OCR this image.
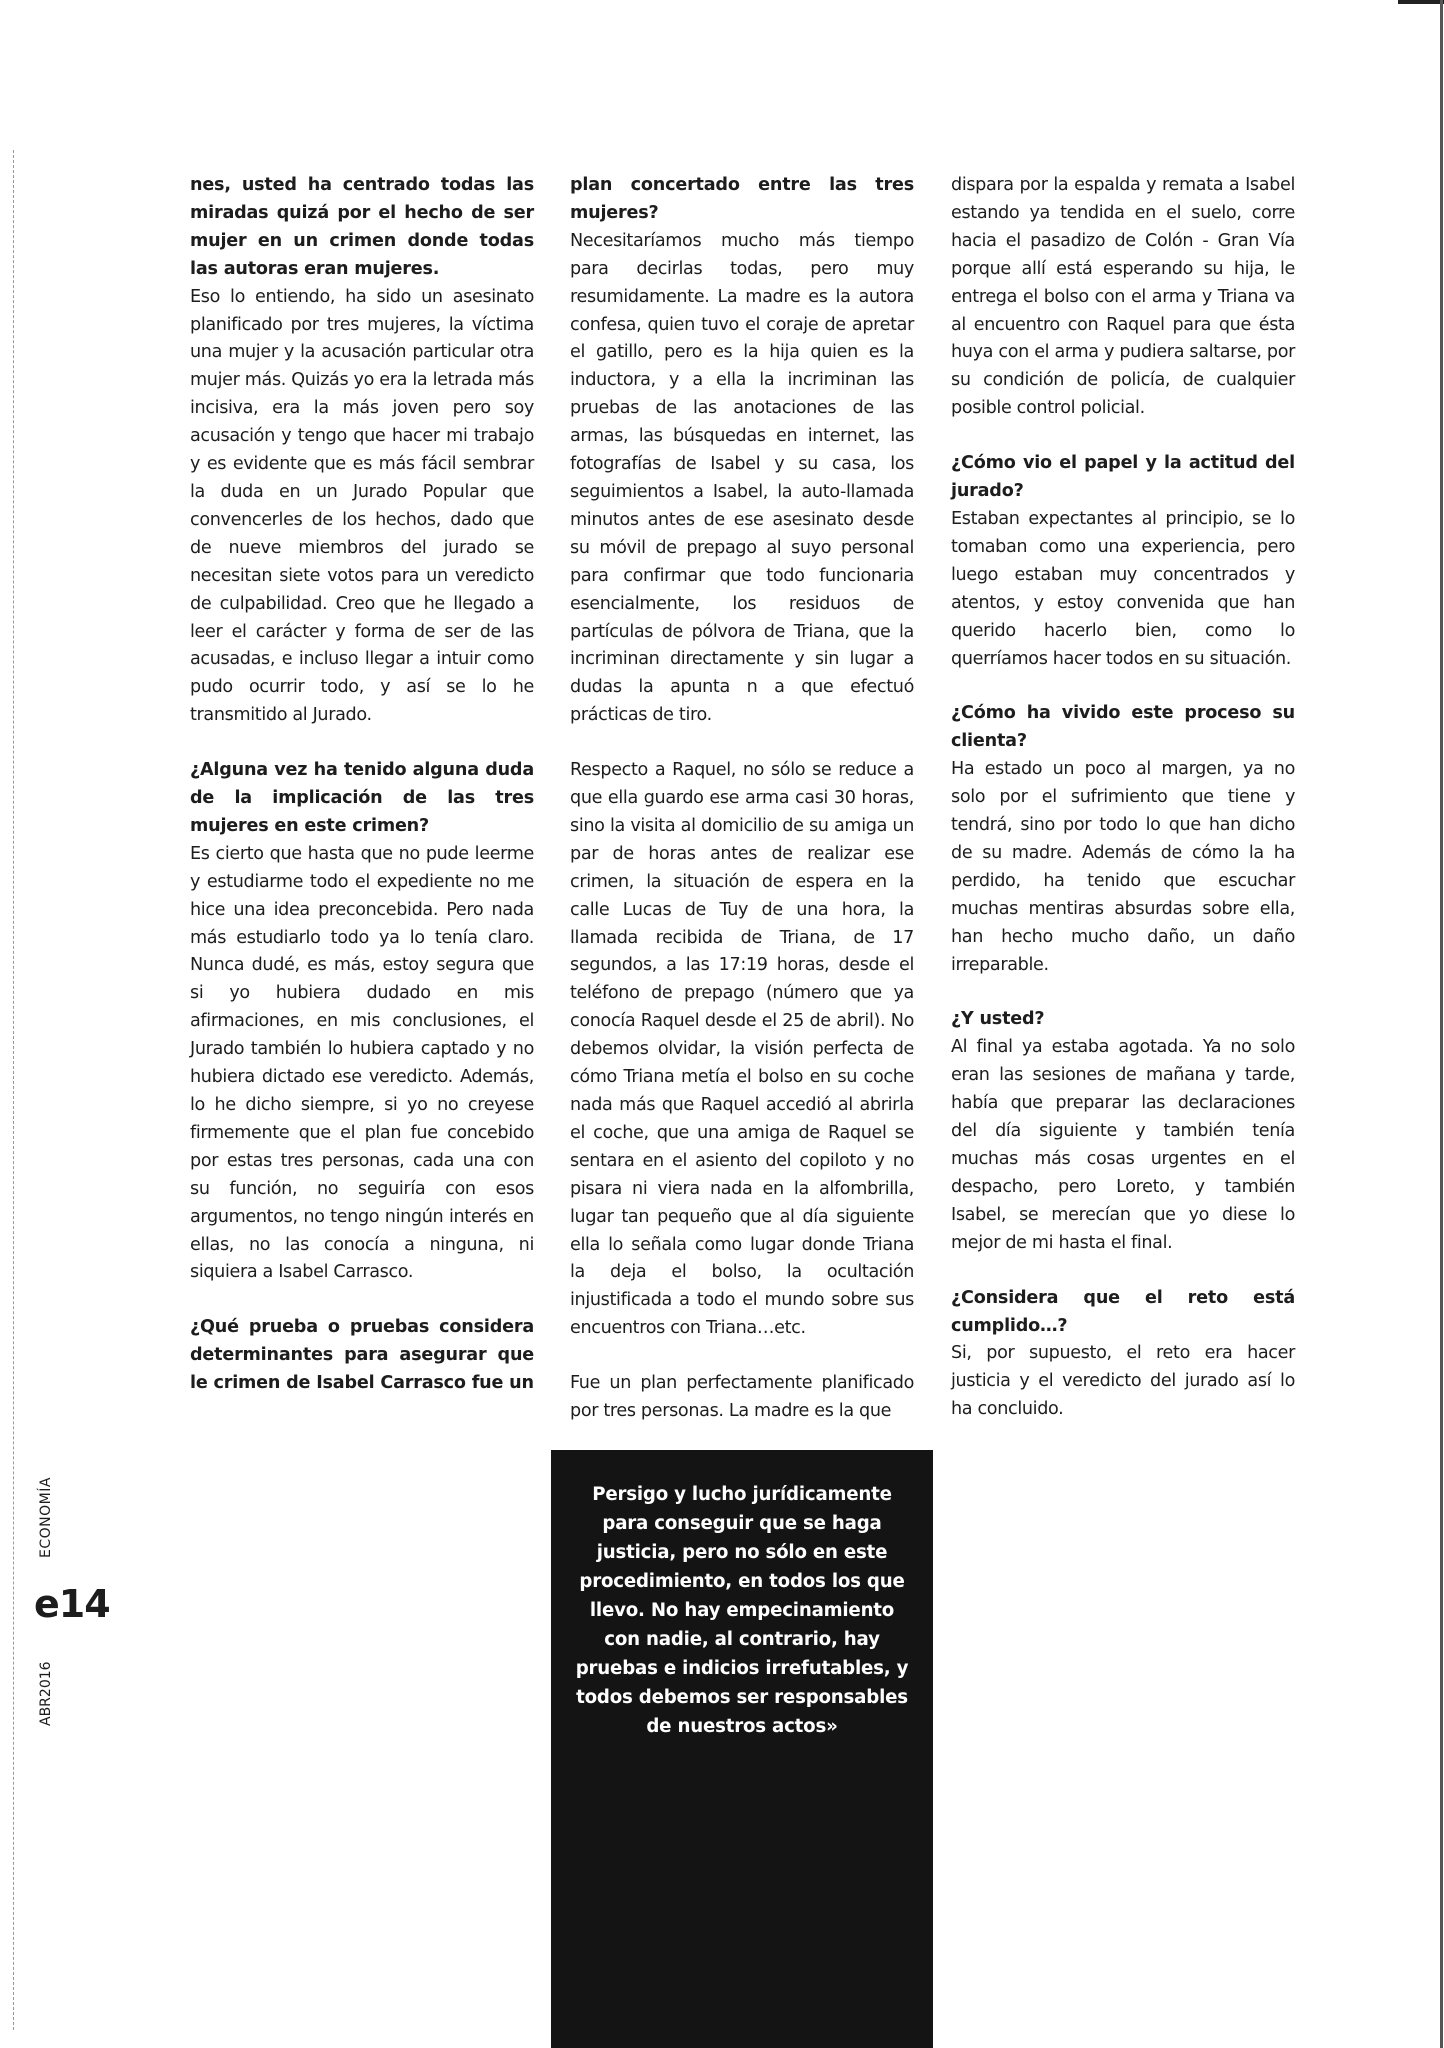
nes, usted ha centrado todas las miradas quizá por el hecho de ser mujer en un crimen donde todas las autoras eran mujeres.

Eso lo entiendo, ha sido un asesinato planificado por tres mujeres, la víctima una mujer y la acusación particular otra mujer más. Quizás yo era la letrada más incisiva, era la más joven pero soy acusación y tengo que hacer mi trabajo y es evidente que es más fácil sembrar la duda en un Jurado Popular que convencerles de los hechos, dado que de nueve miembros del jurado se necesitan siete votos para un veredicto de culpabilidad. Creo que he llegado a leer el carácter y forma de ser de las acusadas, e incluso llegar a intuir como pudo ocurrir todo, y así se lo he transmitido al Jurado.

¿Alguna vez ha tenido alguna duda de la implicación de las tres mujeres en este crimen?

Es cierto que hasta que no pude leerme y estudiarme todo el expediente no me hice una idea preconcebida. Pero nada más estudiarlo todo ya lo tenía claro. Nunca dudé, es más, estoy segura que si yo hubiera dudado en mis afirmaciones, en mis conclusiones, el Jurado también lo hubiera captado y no hubiera dictado ese veredicto. Además, lo he dicho siempre, si yo no creyese firmemente que el plan fue concebido por estas tres personas, cada una con su función, no seguiría con esos argumentos, no tengo ningún interés en ellas, no las conocía a ninguna, ni siquiera a Isabel Carrasco.

¿Qué prueba o pruebas considera determinantes para asegurar que le crimen de Isabel Carrasco fue un

plan concertado entre las tres mujeres?

Necesitaríamos mucho más tiempo para decirlas todas, pero muy resumidamente. La madre es la autora confesa, quien tuvo el coraje de apretar el gatillo, pero es la hija quien es la inductora, y a ella la incriminan las pruebas de las anotaciones de las armas, las búsquedas en internet, las fotografías de Isabel y su casa, los seguimientos a Isabel, la auto-llamada minutos antes de ese asesinato desde su móvil de prepago al suyo personal para confirmar que todo funcionaria esencialmente, los residuos de partículas de pólvora de Triana, que la incriminan directamente y sin lugar a dudas la apunta n a que efectuó prácticas de tiro.

Respecto a Raquel, no sólo se reduce a que ella guardo ese arma casi 30 horas, sino la visita al domicilio de su amiga un par de horas antes de realizar ese crimen, la situación de espera en la calle Lucas de Tuy de una hora, la llamada recibida de Triana, de 17 segundos, a las 17:19 horas, desde el teléfono de prepago (número que ya conocía Raquel desde el 25 de abril). No debemos olvidar, la visión perfecta de cómo Triana metía el bolso en su coche nada más que Raquel accedió al abrirla el coche, que una amiga de Raquel se sentara en el asiento del copiloto y no pisara ni viera nada en la alfombrilla, lugar tan pequeño que al día siguiente ella lo señala como lugar donde Triana la deja el bolso, la ocultación injustificada a todo el mundo sobre sus encuentros con Triana…etc.

Fue un plan perfectamente planificado por tres personas. La madre es la que

dispara por la espalda y remata a Isabel estando ya tendida en el suelo, corre hacia el pasadizo de Colón - Gran Vía porque allí está esperando su hija, le entrega el bolso con el arma y Triana va al encuentro con Raquel para que ésta huya con el arma y pudiera saltarse, por su condición de policía, de cualquier posible control policial.

¿Cómo vio el papel y la actitud del jurado?

Estaban expectantes al principio, se lo tomaban como una experiencia, pero luego estaban muy concentrados y atentos, y estoy convenida que han querido hacerlo bien, como lo querríamos hacer todos en su situación.

¿Cómo ha vivido este proceso su clienta?

Ha estado un poco al margen, ya no solo por el sufrimiento que tiene y tendrá, sino por todo lo que han dicho de su madre. Además de cómo la ha perdido, ha tenido que escuchar muchas mentiras absurdas sobre ella, han hecho mucho daño, un daño irreparable.

¿Y usted?

Al final ya estaba agotada. Ya no solo eran las sesiones de mañana y tarde, había que preparar las declaraciones del día siguiente y también tenía muchas más cosas urgentes en el despacho, pero Loreto, y también Isabel, se merecían que yo diese lo mejor de mi hasta el final.

¿Considera que el reto está cumplido…?

Si, por supuesto, el reto era hacer justicia y el veredicto del jurado así lo ha concluido.

ECONOMÍA
e14
ABR2016
Persigo y lucho jurídicamente para conseguir que se haga justicia, pero no sólo en este procedimiento, en todos los que llevo. No hay empecinamiento con nadie, al contrario, hay pruebas e indicios irrefutables, y todos debemos ser responsables de nuestros actos»
